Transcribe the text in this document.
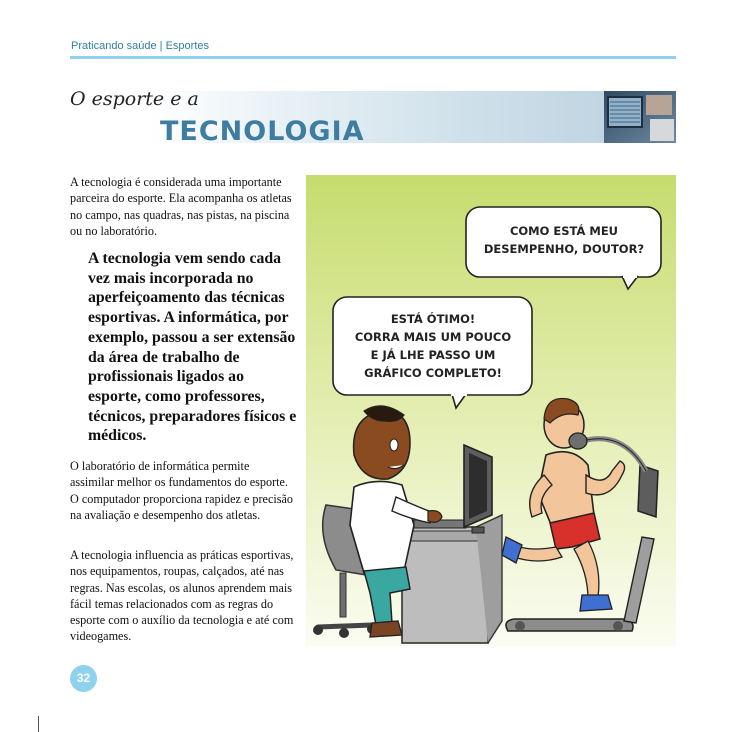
Praticando saúde | Esportes
O esporte e a
TECNOLOGIA
A tecnologia é considerada uma importante parceira do esporte. Ela acompanha os atletas no campo, nas quadras, nas pistas, na piscina ou no laboratório.
A tecnologia vem sendo cada vez mais incorporada no aperfeiçoamento das técnicas esportivas. A informática, por exemplo, passou a ser extensão da área de trabalho de profissionais ligados ao esporte, como professores, técnicos, preparadores físicos e médicos.
O laboratório de informática permite assimilar melhor os fundamentos do esporte. O computador proporciona rapidez e precisão na avaliação e desempenho dos atletas.
A tecnologia influencia as práticas esportivas, nos equipamentos, roupas, calçados, até nas regras. Nas escolas, os alunos aprendem mais fácil temas relacionados com as regras do esporte com o auxílio da tecnologia e até com videogames.
COMO ESTÁ MEU
DESEMPENHO, DOUTOR?
ESTÁ ÓTIMO!
CORRA MAIS UM POUCO
E JÁ LHE PASSO UM
GRÁFICO COMPLETO!
32
